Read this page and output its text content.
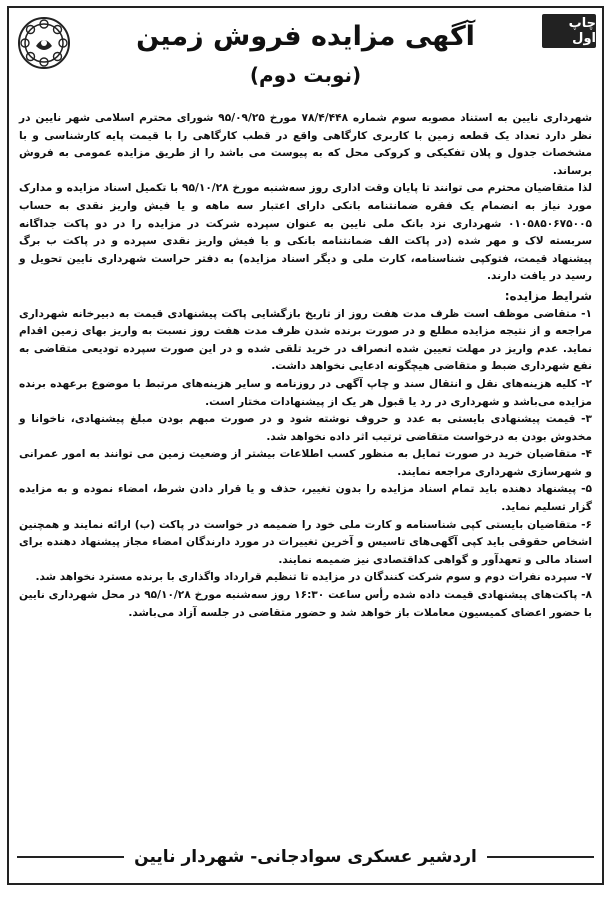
چاپ اول
آگهی مزایده فروش زمین
(نوبت دوم)

شهرداری نایین به استناد مصوبه سوم شماره ۷۸/۴/۴۴۸ مورخ ۹۵/۰۹/۲۵ شورای محترم اسلامی شهر نایین در نظر دارد تعداد یک قطعه زمین با کاربری کارگاهی واقع در قطب کارگاهی را با قیمت پایه کارشناسی و با مشخصات جدول و پلان تفکیکی و کروکی محل که به پیوست می باشد را از طریق مزایده عمومی به فروش برساند.

لذا متقاضیان محترم می توانند تا پایان وقت اداری روز سه‌شنبه مورخ ۹۵/۱۰/۲۸ با تکمیل اسناد مزایده و مدارک مورد نیاز به انضمام یک فقره ضمانتنامه بانکی دارای اعتبار سه ماهه و یا فیش واریز نقدی به حساب ۰۱۰۵۸۵۰۶۷۵۰۰۵ شهرداری نزد بانک ملی نایین به عنوان سپرده شرکت در مزایده را در دو پاکت جداگانه سربسته لاک و مهر شده (در پاکت الف ضمانتنامه بانکی و یا فیش واریز نقدی سپرده و در پاکت ب برگ پیشنهاد قیمت، فتوکپی شناسنامه، کارت ملی و دیگر اسناد مزایده) به دفتر حراست شهرداری نایین تحویل و رسید در یافت دارند.

شرایط مزایده:

۱- متقاضی موظف است ظرف مدت هفت روز از تاریخ بازگشایی پاکت پیشنهادی قیمت به دبیرخانه شهرداری مراجعه و از نتیجه مزایده مطلع و در صورت برنده شدن ظرف مدت هفت روز نسبت به واریز بهای زمین اقدام نماید. عدم واریز در مهلت تعیین شده انصراف در خرید تلقی شده و در این صورت سپرده تودیعی متقاضی به نفع شهرداری ضبط و متقاضی هیچگونه ادعایی نخواهد داشت.

۲- کلیه هزینه‌های نقل و انتقال سند و چاپ آگهی در روزنامه و سایر هزینه‌های مرتبط با موضوع برعهده برنده مزایده می‌باشد و شهرداری در رد یا قبول هر یک از پیشنهادات مختار است.

۳- قیمت پیشنهادی بایستی به عدد و حروف نوشته شود و در صورت مبهم بودن مبلغ پیشنهادی، ناخوانا و مخدوش بودن به درخواست متقاضی ترتیب اثر داده نخواهد شد.

۴- متقاضیان خرید در صورت تمایل به منظور کسب اطلاعات بیشتر از وضعیت زمین می توانند به امور عمرانی و شهرسازی شهرداری مراجعه نمایند.

۵- پیشنهاد دهنده باید تمام اسناد مزایده را بدون تغییر، حذف و یا قرار دادن شرط، امضاء نموده و به مزایده گزار تسلیم نماید.

۶- متقاضیان بایستی کپی شناسنامه و کارت ملی خود را ضمیمه در خواست در پاکت (ب) ارائه نمایند و همچنین اشخاص حقوقی باید کپی آگهی‌های تاسیس و آخرین تغییرات در مورد دارندگان امضاء مجاز پیشنهاد دهنده برای اسناد مالی و تعهدآور و گواهی کداقتصادی نیز ضمیمه نمایند.

۷- سپرده نفرات دوم و سوم شرکت کنندگان در مزایده تا تنظیم قرارداد واگذاری با برنده مسترد نخواهد شد.

۸- پاکت‌های پیشنهادی قیمت داده شده رأس ساعت ۱۶:۳۰ روز سه‌شنبه مورخ ۹۵/۱۰/۲۸ در محل شهرداری نایین با حضور اعضای کمیسیون معاملات باز خواهد شد و حضور متقاضی در جلسه آزاد می‌باشد.

اردشیر عسکری سوادجانی- شهردار نایین
